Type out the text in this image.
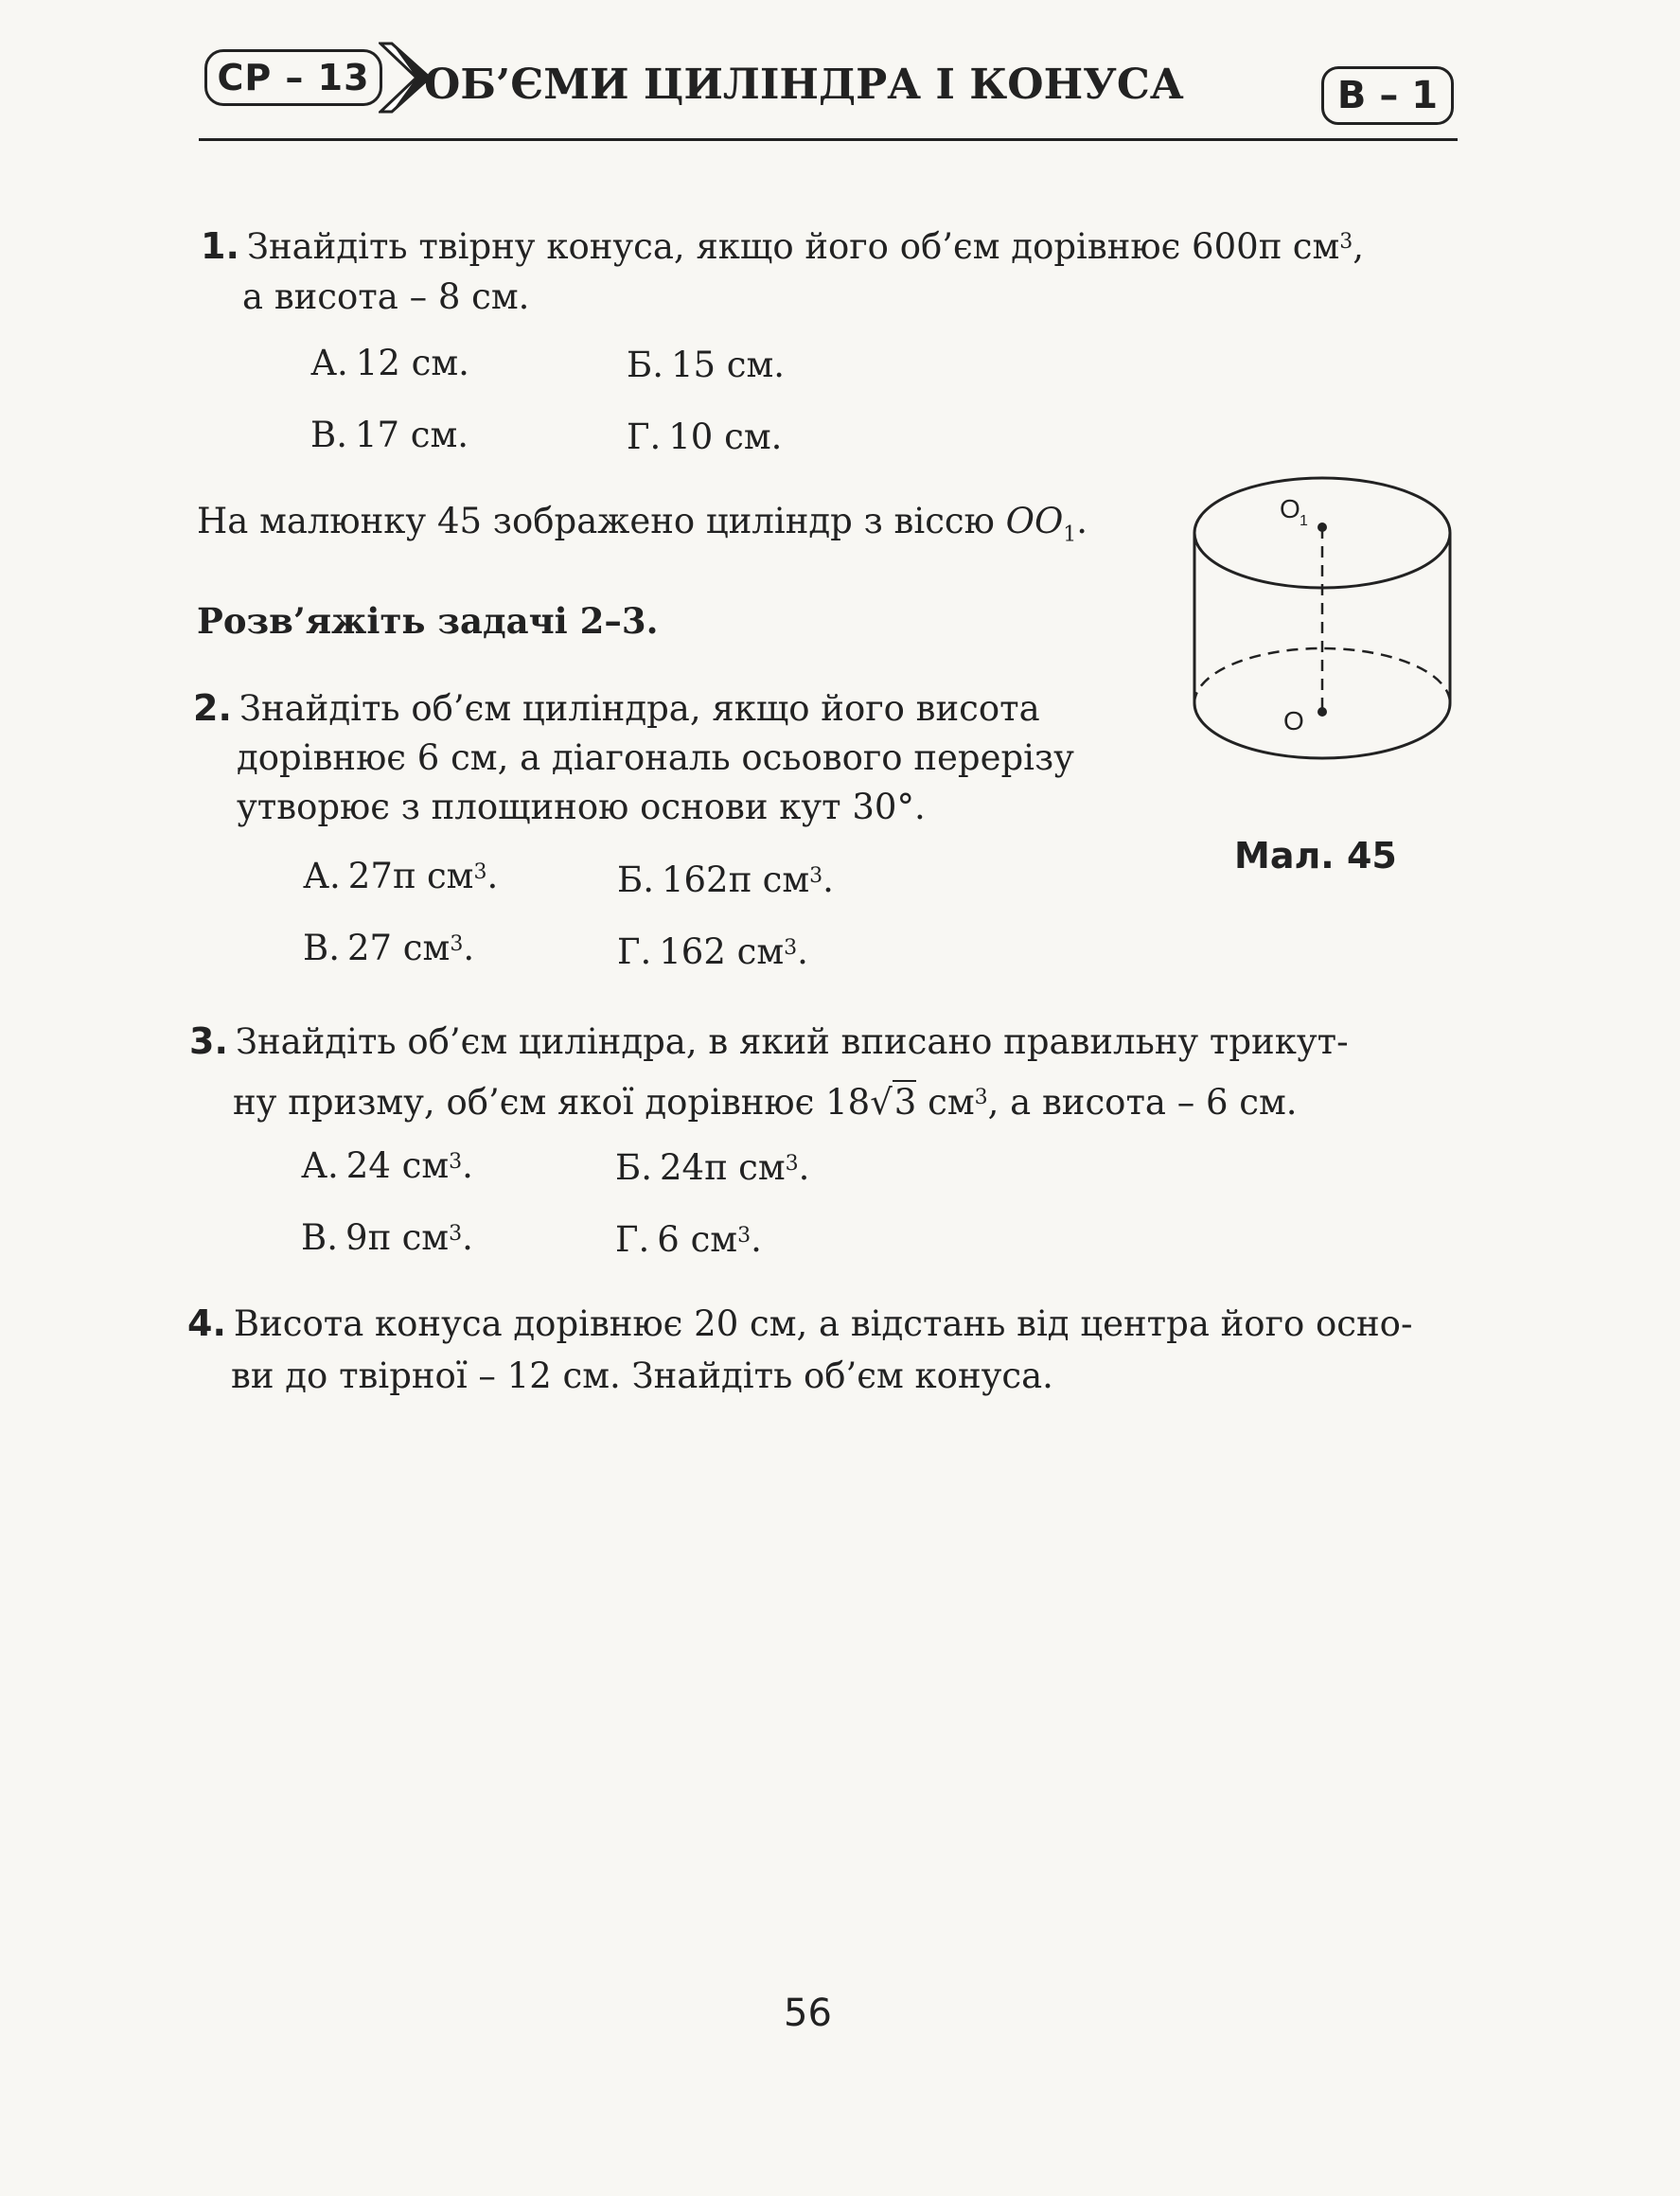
СР – 13	ОБ’ЄМИ ЦИЛІНДРА І КОНУСА	В – 1
1. Знайдіть твірну конуса, якщо його об’єм дорівнює 600π $см^3$,
а висота – 8 см.
А. 12 см.	Б. 15 см.
В. 17 см.	Г. 10 см.
На малюнку 45 зображено циліндр з віссю $OO_1$.
Розв’яжіть задачі 2–3.
O 1
O
Мал. 45
2. Знайдіть об’єм циліндра, якщо його висота
дорівнює 6 см, а діагональ осьового перерізу
утворює з площиною основи кут 30°.
А. 27π $см^3$.	Б. 162π $см^3$.
В. 27 $см^3$.	Г. 162 $см^3$.
3. Знайдіть об’єм циліндра, в який вписано правильну трикут-
ну призму, об’єм якої дорівнює 18√3 $см^3$, а висота – 6 см.
А. 24 $см^3$.	Б. 24π $см^3$.
В. 9π $см^3$.	Г. 6 $см^3$.
4. Висота конуса дорівнює 20 см, а відстань від центра його осно-
ви до твірної – 12 см. Знайдіть об’єм конуса.
56
